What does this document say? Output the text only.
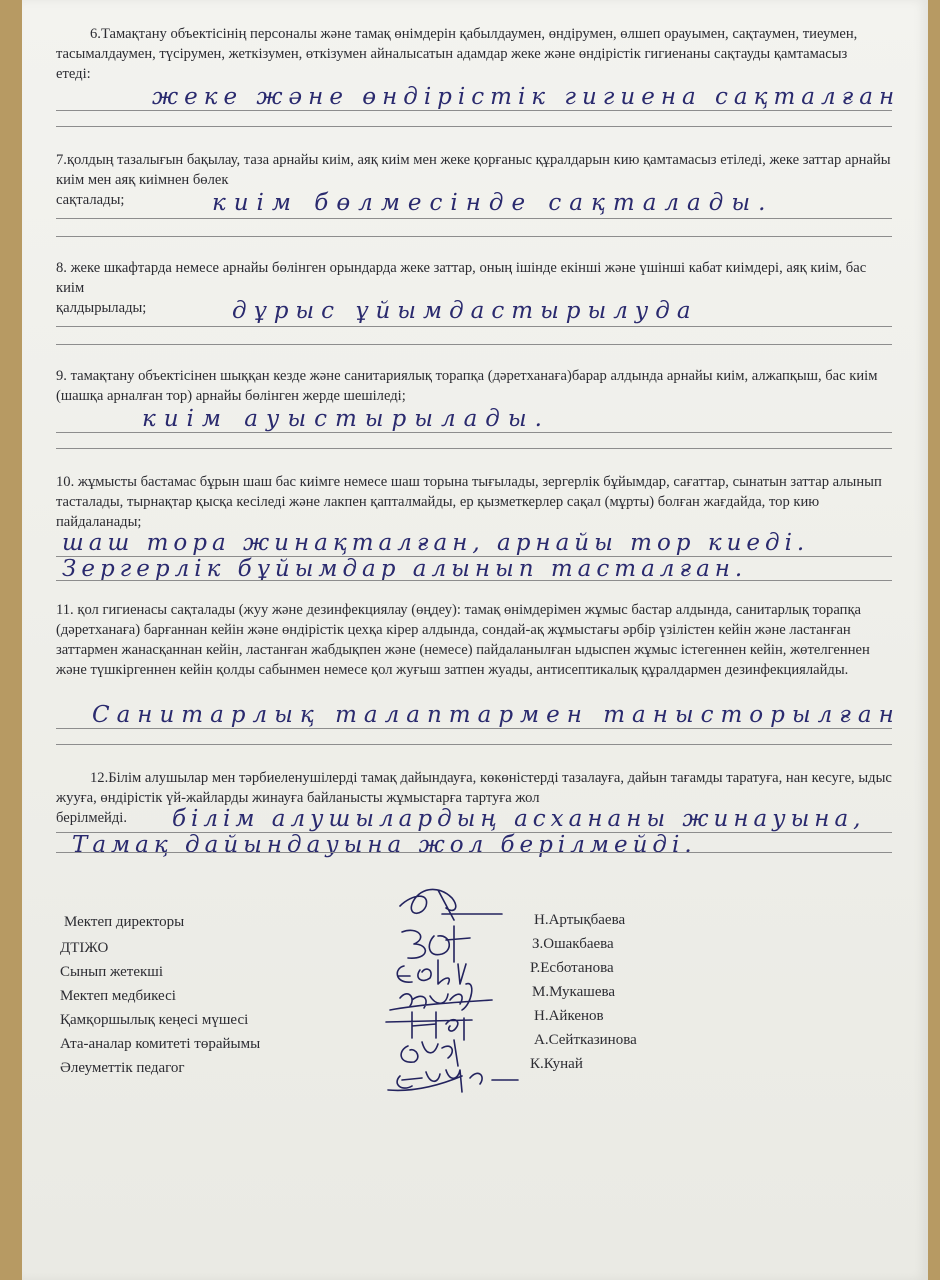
6.Тамақтану объектісінің персоналы және тамақ өнімдерін қабылдаумен, өндірумен, өлшеп орауымен, сақтаумен, тиеумен, тасымалдаумен, түсірумен, жеткізумен, өткізумен айналысатын адамдар жеке және өндірістік гигиенаны сақтауды қамтамасыз

етеді:

жеке және өндірістік гигиена сақталған

7.қолдың тазалығын бақылау, таза арнайы киім, аяқ киім мен жеке қорғаныс құралдарын кию қамтамасыз етіледі, жеке заттар арнайы киім мен аяқ киімнен бөлек

сақталады;	киім бөлмесінде сақталады.

8. жеке шкафтарда немесе арнайы бөлінген орындарда жеке заттар, оның ішінде екінші және үшінші кабат киімдері, аяқ киім, бас киім

қалдырылады;	дұрыс ұйымдастырылуда

9. тамақтану объектісінен шыққан кезде және санитариялық торапқа (дәретханаға)барар алдында арнайы киім, алжапқыш, бас киім (шашқа арналған тор) арнайы бөлінген жерде шешіледі;

киім ауыстырылады.

10. жұмысты бастамас бұрын шаш бас киімге немесе шаш торына тығылады, зергерлік бұйымдар, сағаттар, сынатын заттар алынып тасталады, тырнақтар қысқа кесіледі және лакпен қапталмайды, ер қызметкерлер сақал (мұрты) болған жағдайда, тор кию пайдаланады;

шаш тора жинақталған, арнайы тор киеді.
Зергерлік бұйымдар алынып тасталған.

11. қол гигиенасы сақталады (жуу және дезинфекциялау (өңдеу): тамақ өнімдерімен жұмыс бастар алдында, санитарлық торапқа (дәретханаға) барғаннан кейін және өндірістік цехқа кірер алдында, сондай-ақ жұмыстағы әрбір үзілістен кейін және ластанған заттармен жанасқаннан кейін, ластанған жабдықпен және (немесе) пайдаланылған ыдыспен жұмыс істегеннен кейін, жөтелгеннен және түшкіргеннен кейін қолды сабынмен немесе қол жуғыш затпен жуады, антисептикалық құралдармен дезинфекциялайды.

Санитарлық талаптармен танысторылған

12.Білім алушылар мен тәрбиеленушілерді тамақ дайындауға, көкөністерді тазалауға, дайын тағамды таратуға, нан кесуге, ыдыс жууға, өндірістік үй-жайларды жинауға байланысты жұмыстарға тартуға жол

берілмейді.	білім алушылардың асхананы жинауына,
Тамақ дайындауына жол берілмейді.
Мектеп директоры	Н.Артықбаева
ДТІЖО	З.Ошакбаева
Сынып жетекші	Р.Есботанова
Мектеп медбикесі	М.Мукашева
Қамқоршылық кеңесі мүшесі	Н.Айкенов
Ата-аналар комитеті төрайымы	А.Сейтказинова
Әлеуметтік педагог	К.Кунай
